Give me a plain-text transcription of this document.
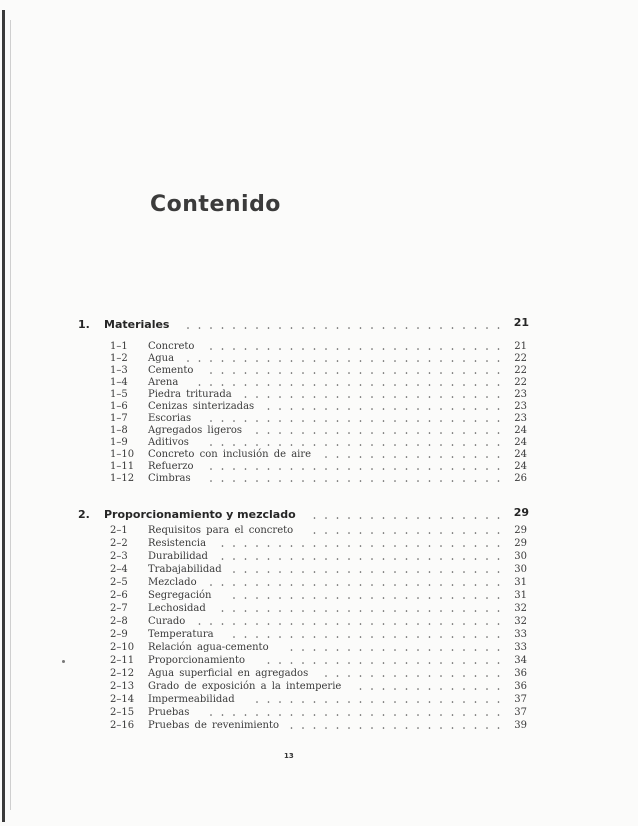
Contenido
1. Materiales	21
1–1 Concreto	21
1–2 Agua	22
1–3 Cemento	22
1–4 Arena	22
1–5 Piedra triturada	23
1–6 Cenizas sinterizadas	23
1–7 Escorias	23
1–8 Agregados ligeros	24
1–9 Aditivos	24
1–10 Concreto con inclusión de aire	24
1–11 Refuerzo	24
1–12 Cimbras	26
2. Proporcionamiento y mezclado	29
2–1 Requisitos para el concreto	29
2–2 Resistencia	29
2–3 Durabilidad	30
2–4 Trabajabilidad	30
2–5 Mezclado	31
2–6 Segregación	31
2–7 Lechosidad	32
2–8 Curado	32
2–9 Temperatura	33
2–10 Relación agua-cemento	33
2–11 Proporcionamiento	34
2–12 Agua superficial en agregados	36
2–13 Grado de exposición a la intemperie	36
2–14 Impermeabilidad	37
2–15 Pruebas	37
2–16 Pruebas de revenimiento	39
13
